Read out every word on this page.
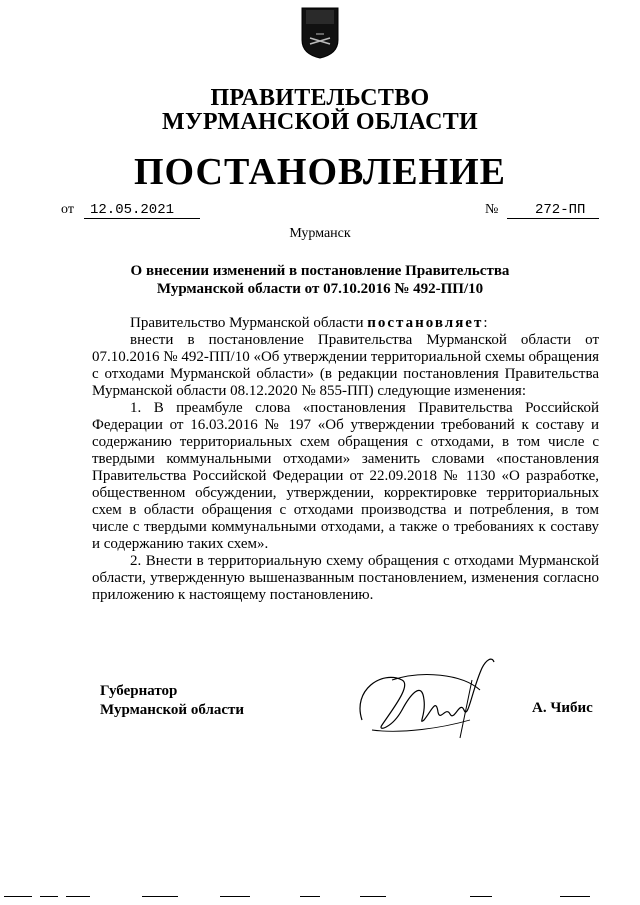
ПРАВИТЕЛЬСТВО
МУРМАНСКОЙ ОБЛАСТИ
ПОСТАНОВЛЕНИЕ
от	12.05.2021	№	272-ПП
Мурманск
О внесении изменений в постановление Правительства
Мурманской области от 07.10.2016 № 492-ПП/10

Правительство Мурманской области постановляет:

внести в постановление Правительства Мурманской области от 07.10.2016 № 492-ПП/10 «Об утверждении территориальной схемы обращения с отходами Мурманской области» (в редакции постановления Правительства Мурманской области 08.12.2020 № 855-ПП) следующие изменения:

1. В преамбуле слова «постановления Правительства Российской Федерации от 16.03.2016 № 197 «Об утверждении требований к составу и содержанию территориальных схем обращения с отходами, в том числе с твердыми коммунальными отходами» заменить словами «постановления Правительства Российской Федерации от 22.09.2018 № 1130 «О разработке, общественном обсуждении, утверждении, корректировке территориальных схем в области обращения с отходами производства и потребления, в том числе с твердыми коммунальными отходами, а также о требованиях к составу и содержанию таких схем».

2. Внести в территориальную схему обращения с отходами Мурманской области, утвержденную вышеназванным постановлением, изменения согласно приложению к настоящему постановлению.

Губернатор
Мурманской области	А. Чибис
